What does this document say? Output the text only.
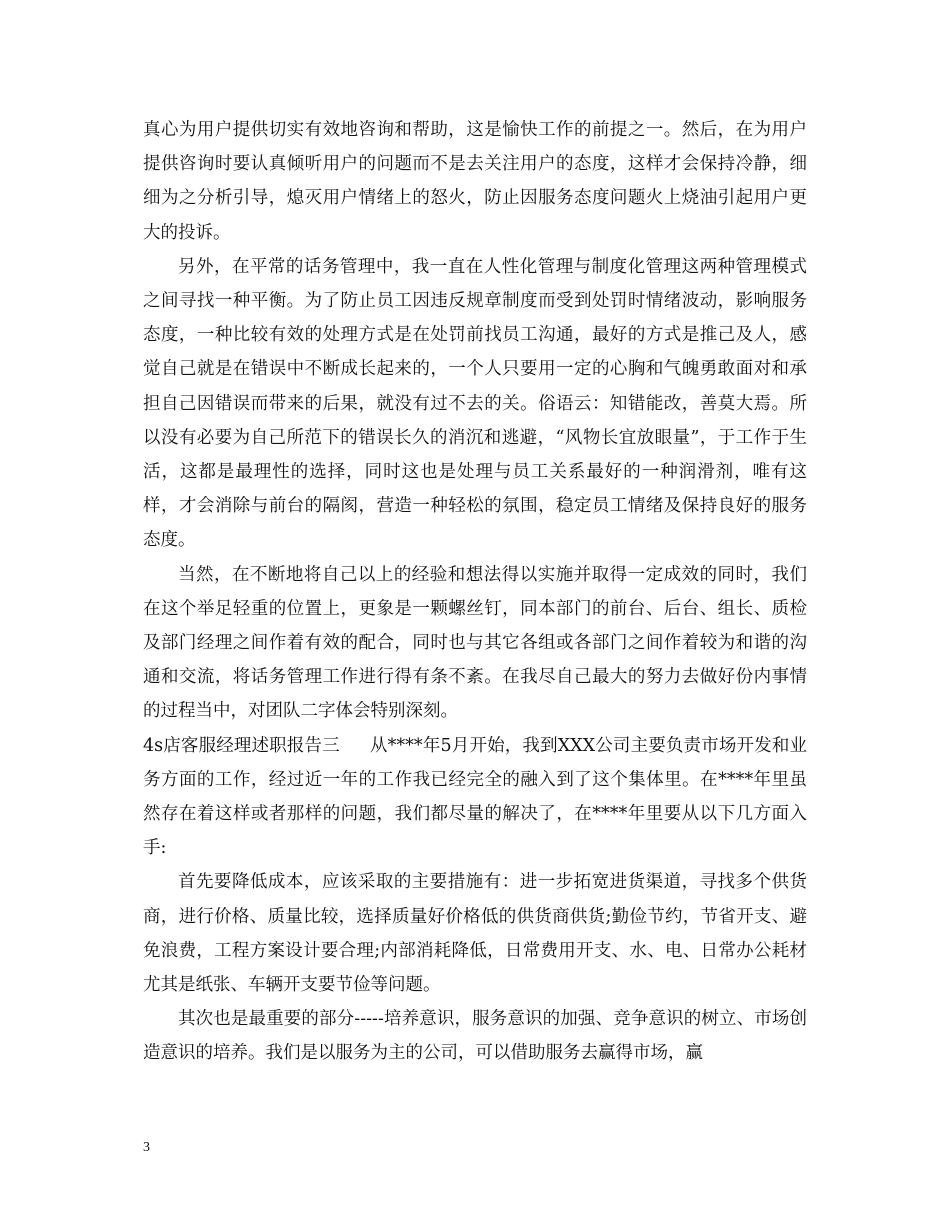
真心为用户提供切实有效地咨询和帮助，这是愉快工作的前提之一。然后，在为用户提供咨询时要认真倾听用户的问题而不是去关注用户的态度，这样才会保持冷静，细细为之分析引导，熄灭用户情绪上的怒火，防止因服务态度问题火上烧油引起用户更大的投诉。

另外，在平常的话务管理中，我一直在人性化管理与制度化管理这两种管理模式之间寻找一种平衡。为了防止员工因违反规章制度而受到处罚时情绪波动，影响服务态度，一种比较有效的处理方式是在处罚前找员工沟通，最好的方式是推己及人，感觉自己就是在错误中不断成长起来的，一个人只要用一定的心胸和气魄勇敢面对和承担自己因错误而带来的后果，就没有过不去的关。俗语云：知错能改，善莫大焉。所以没有必要为自己所范下的错误长久的消沉和逃避，“风物长宜放眼量”，于工作于生活，这都是最理性的选择，同时这也是处理与员工关系最好的一种润滑剂，唯有这样，才会消除与前台的隔阂，营造一种轻松的氛围，稳定员工情绪及保持良好的服务态度。

当然，在不断地将自己以上的经验和想法得以实施并取得一定成效的同时，我们在这个举足轻重的位置上，更象是一颗螺丝钉，同本部门的前台、后台、组长、质检及部门经理之间作着有效的配合，同时也与其它各组或各部门之间作着较为和谐的沟通和交流，将话务管理工作进行得有条不紊。在我尽自己最大的努力去做好份内事情的过程当中，对团队二字体会特别深刻。

4s店客服经理述职报告三 从****年5月开始，我到XXX公司主要负责市场开发和业务方面的工作，经过近一年的工作我已经完全的融入到了这个集体里。在****年里虽然存在着这样或者那样的问题，我们都尽量的解决了，在****年里要从以下几方面入手:

首先要降低成本，应该采取的主要措施有：进一步拓宽进货渠道，寻找多个供货商，进行价格、质量比较，选择质量好价格低的供货商供货;勤俭节约，节省开支、避免浪费，工程方案设计要合理;内部消耗降低，日常费用开支、水、电、日常办公耗材尤其是纸张、车辆开支要节俭等问题。

其次也是最重要的部分-----培养意识，服务意识的加强、竞争意识的树立、市场创造意识的培养。我们是以服务为主的公司，可以借助服务去赢得市场，赢

3
